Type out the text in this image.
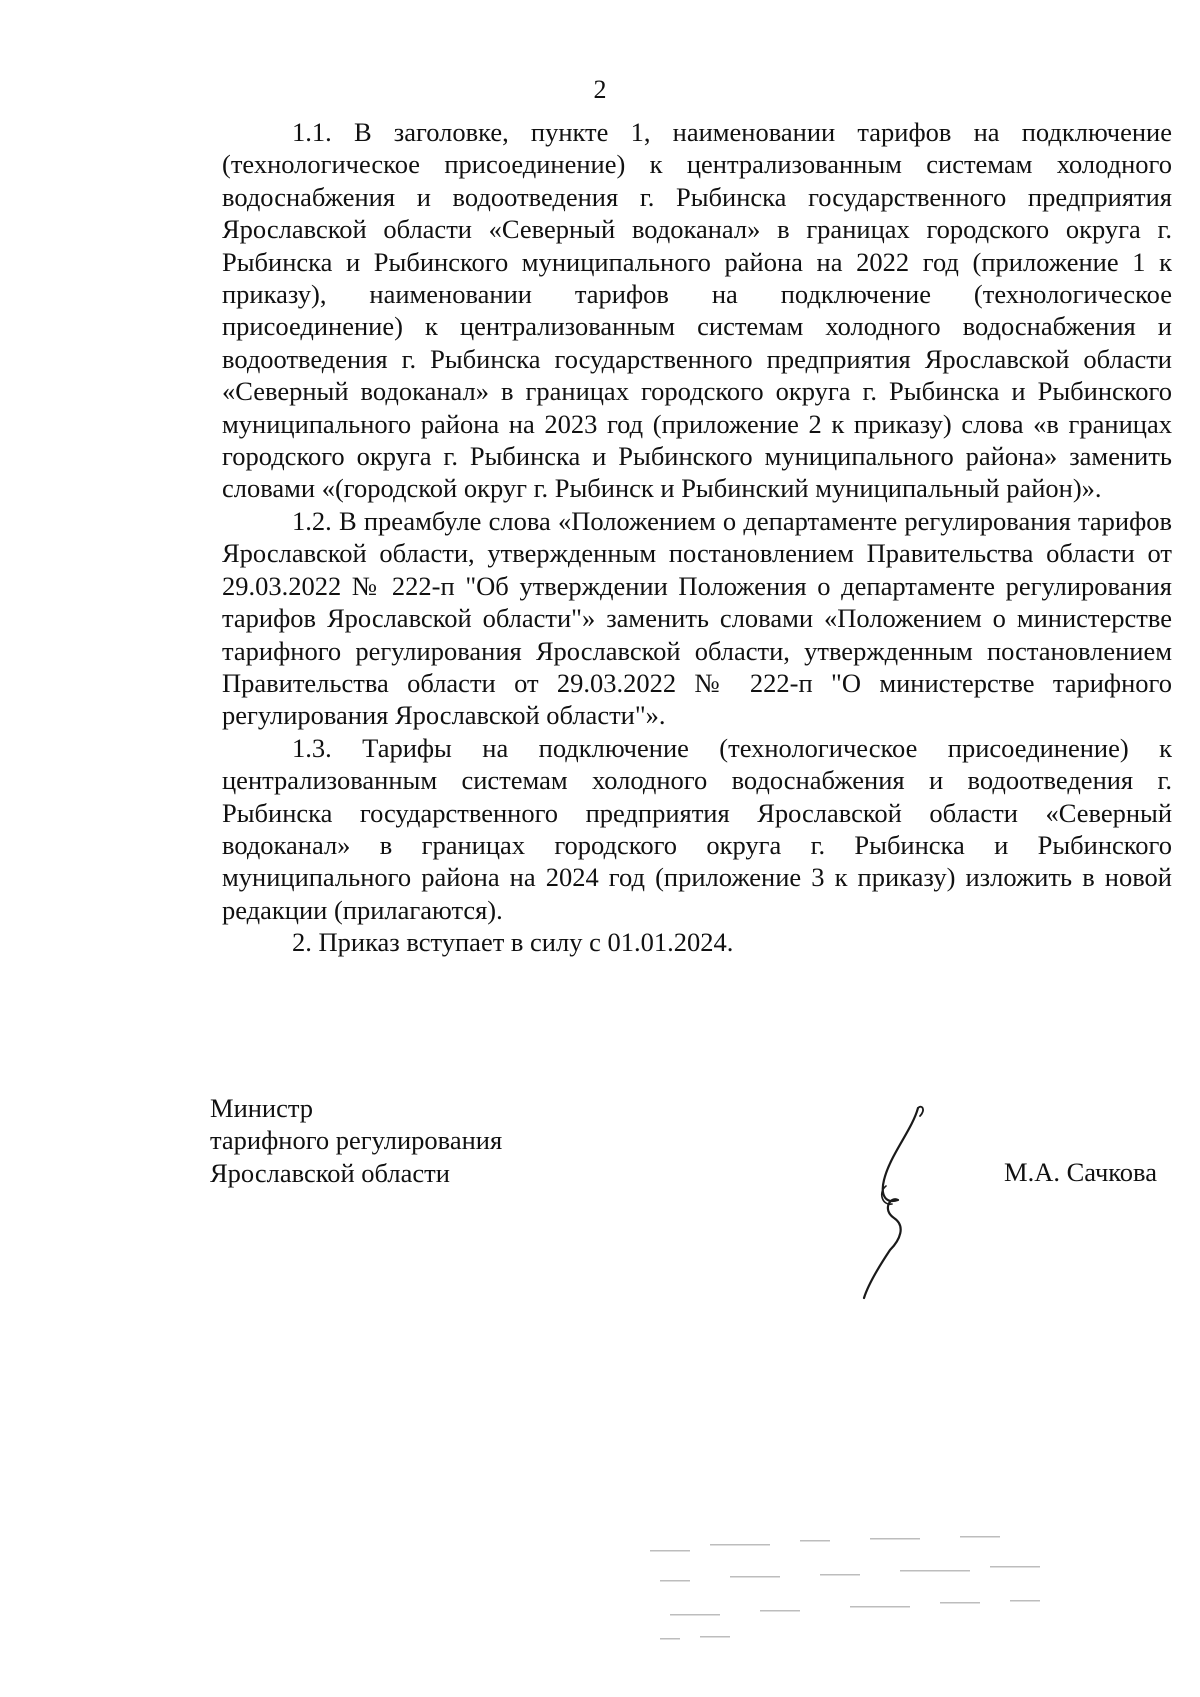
2

1.1. В заголовке, пункте 1, наименовании тарифов на подключение (технологическое присоединение) к централизованным системам холодного водоснабжения и водоотведения г. Рыбинска государственного предприятия Ярославской области «Северный водоканал» в границах городского округа г. Рыбинска и Рыбинского муниципального района на 2022 год (приложение 1 к приказу), наименовании тарифов на подключение (технологическое присоединение) к централизованным системам холодного водоснабжения и водоотведения г. Рыбинска государственного предприятия Ярославской области «Северный водоканал» в границах городского округа г. Рыбинска и Рыбинского муниципального района на 2023 год (приложение 2 к приказу) слова «в границах городского округа г. Рыбинска и Рыбинского муниципального района» заменить словами «(городской округ г. Рыбинск и Рыбинский муниципальный район)».

1.2. В преамбуле слова «Положением о департаменте регулирования тарифов Ярославской области, утвержденным постановлением Правительства области от 29.03.2022 № 222-п "Об утверждении Положения о департаменте регулирования тарифов Ярославской области"» заменить словами «Положением о министерстве тарифного регулирования Ярославской области, утвержденным постановлением Правительства области от 29.03.2022 № 222-п "О министерстве тарифного регулирования Ярославской области"».

1.3. Тарифы на подключение (технологическое присоединение) к централизованным системам холодного водоснабжения и водоотведения г. Рыбинска государственного предприятия Ярославской области «Северный водоканал» в границах городского округа г. Рыбинска и Рыбинского муниципального района на 2024 год (приложение 3 к приказу) изложить в новой редакции (прилагаются).

2. Приказ вступает в силу с 01.01.2024.

Министр
тарифного регулирования
Ярославской области	М.А. Сачкова
